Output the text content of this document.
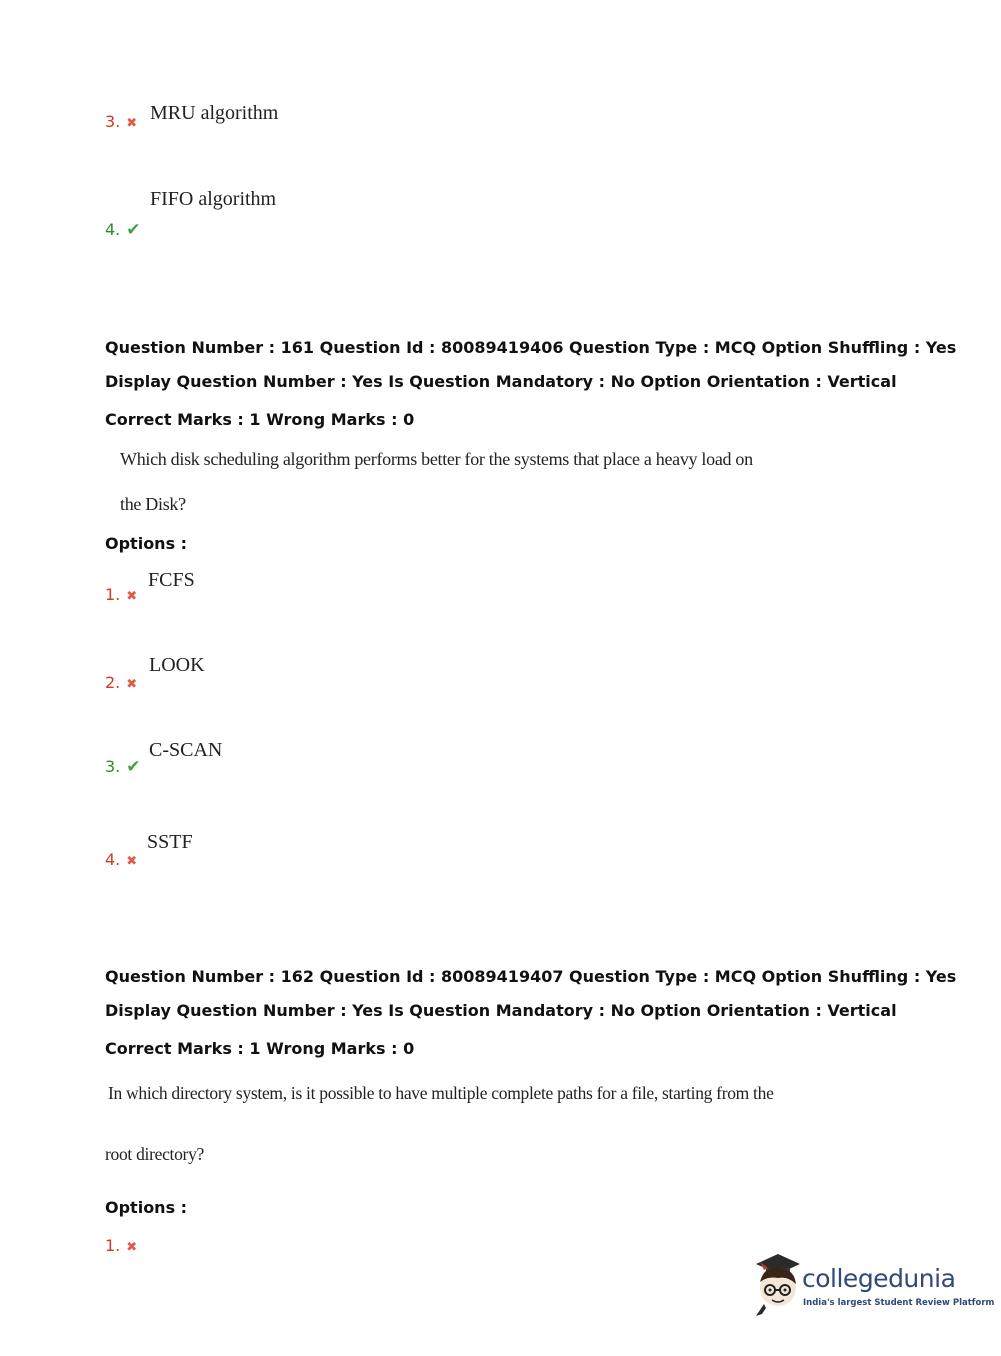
3. ✖ MRU algorithm
FIFO algorithm
4. ✔
Question Number : 161 Question Id : 80089419406 Question Type : MCQ Option Shuffling : Yes
Display Question Number : Yes Is Question Mandatory : No Option Orientation : Vertical
Correct Marks : 1 Wrong Marks : 0
Which disk scheduling algorithm performs better for the systems that place a heavy load on
the Disk?
Options :
FCFS
1. ✖
LOOK
2. ✖
C-SCAN
3. ✔
SSTF
4. ✖
Question Number : 162 Question Id : 80089419407 Question Type : MCQ Option Shuffling : Yes
Display Question Number : Yes Is Question Mandatory : No Option Orientation : Vertical
Correct Marks : 1 Wrong Marks : 0
In which directory system, is it possible to have multiple complete paths for a file, starting from the
root directory?
Options :
1. ✖
collegedunia
India's largest Student Review Platform
